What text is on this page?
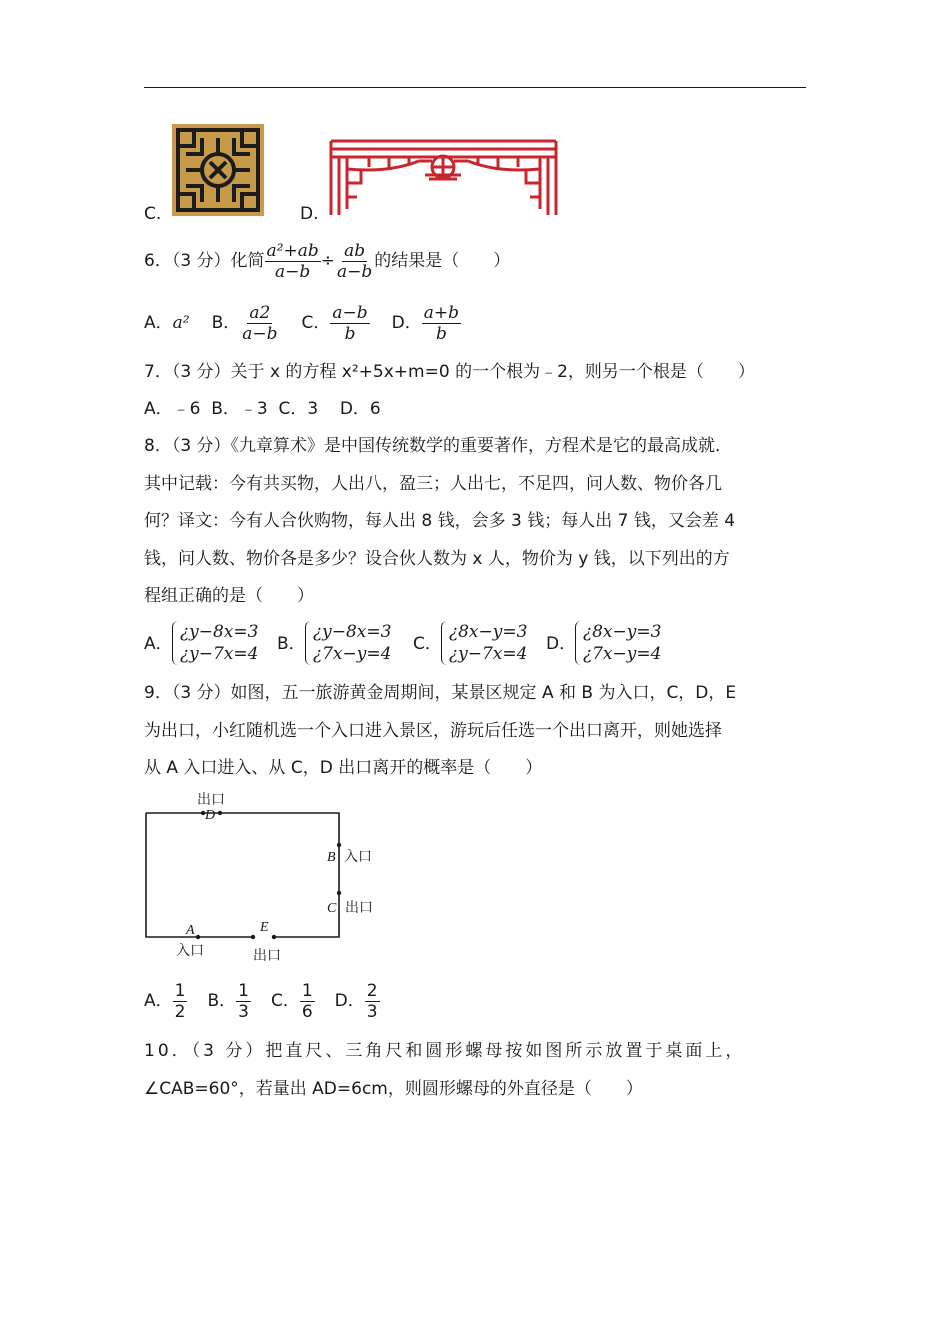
C.	D.
6．（3 分）化简 $\frac{\text{a²+ab}}{a-b} \div \frac{ab}{a-b}$ 的结果是（　　）
A． a² B． $\frac{a2}{a-b}$ C． $\frac{a-b}{b}$ D． $\frac{a+b}{b}$
7．（3 分）关于 x 的方程 x²+5x+m=0 的一个根为﹣2，则另一个根是（　　）
A．﹣6  B．﹣3  C．3    D．6
8．（3 分）《九章算术》是中国传统数学的重要著作，方程术是它的最高成就．
其中记载：今有共买物，人出八，盈三；人出七，不足四，问人数、物价各几
何？译文：今有人合伙购物，每人出 8 钱，会多 3 钱；每人出 7 钱，又会差 4
钱，问人数、物价各是多少？设合伙人数为 x 人，物价为 y 钱，以下列出的方
程组正确的是（　　）
A．
¿y−8x=3
¿y−7x=4 B．
¿y−8x=3
¿7x−y=4 C．
¿8x−y=3
¿y−7x=4 D．
¿8x−y=3
¿7x−y=4
9．（3 分）如图，五一旅游黄金周期间，某景区规定 A 和 B 为入口，C，D，E
为出口，小红随机选一个入口进入景区，游玩后任选一个出口离开，则她选择
从 A 入口进入、从 C，D 出口离开的概率是（　　）
出口
D
B 入口
C 出口
A
入口
E
出口
A． $\frac{1}{2}$ B． $\frac{1}{3}$ C． $\frac{1}{6}$ D． $\frac{2}{3}$
10．（3 分）把直尺、三角尺和圆形螺母按如图所示放置于桌面上，
∠CAB=60°，若量出 AD=6cm，则圆形螺母的外直径是（　　）
